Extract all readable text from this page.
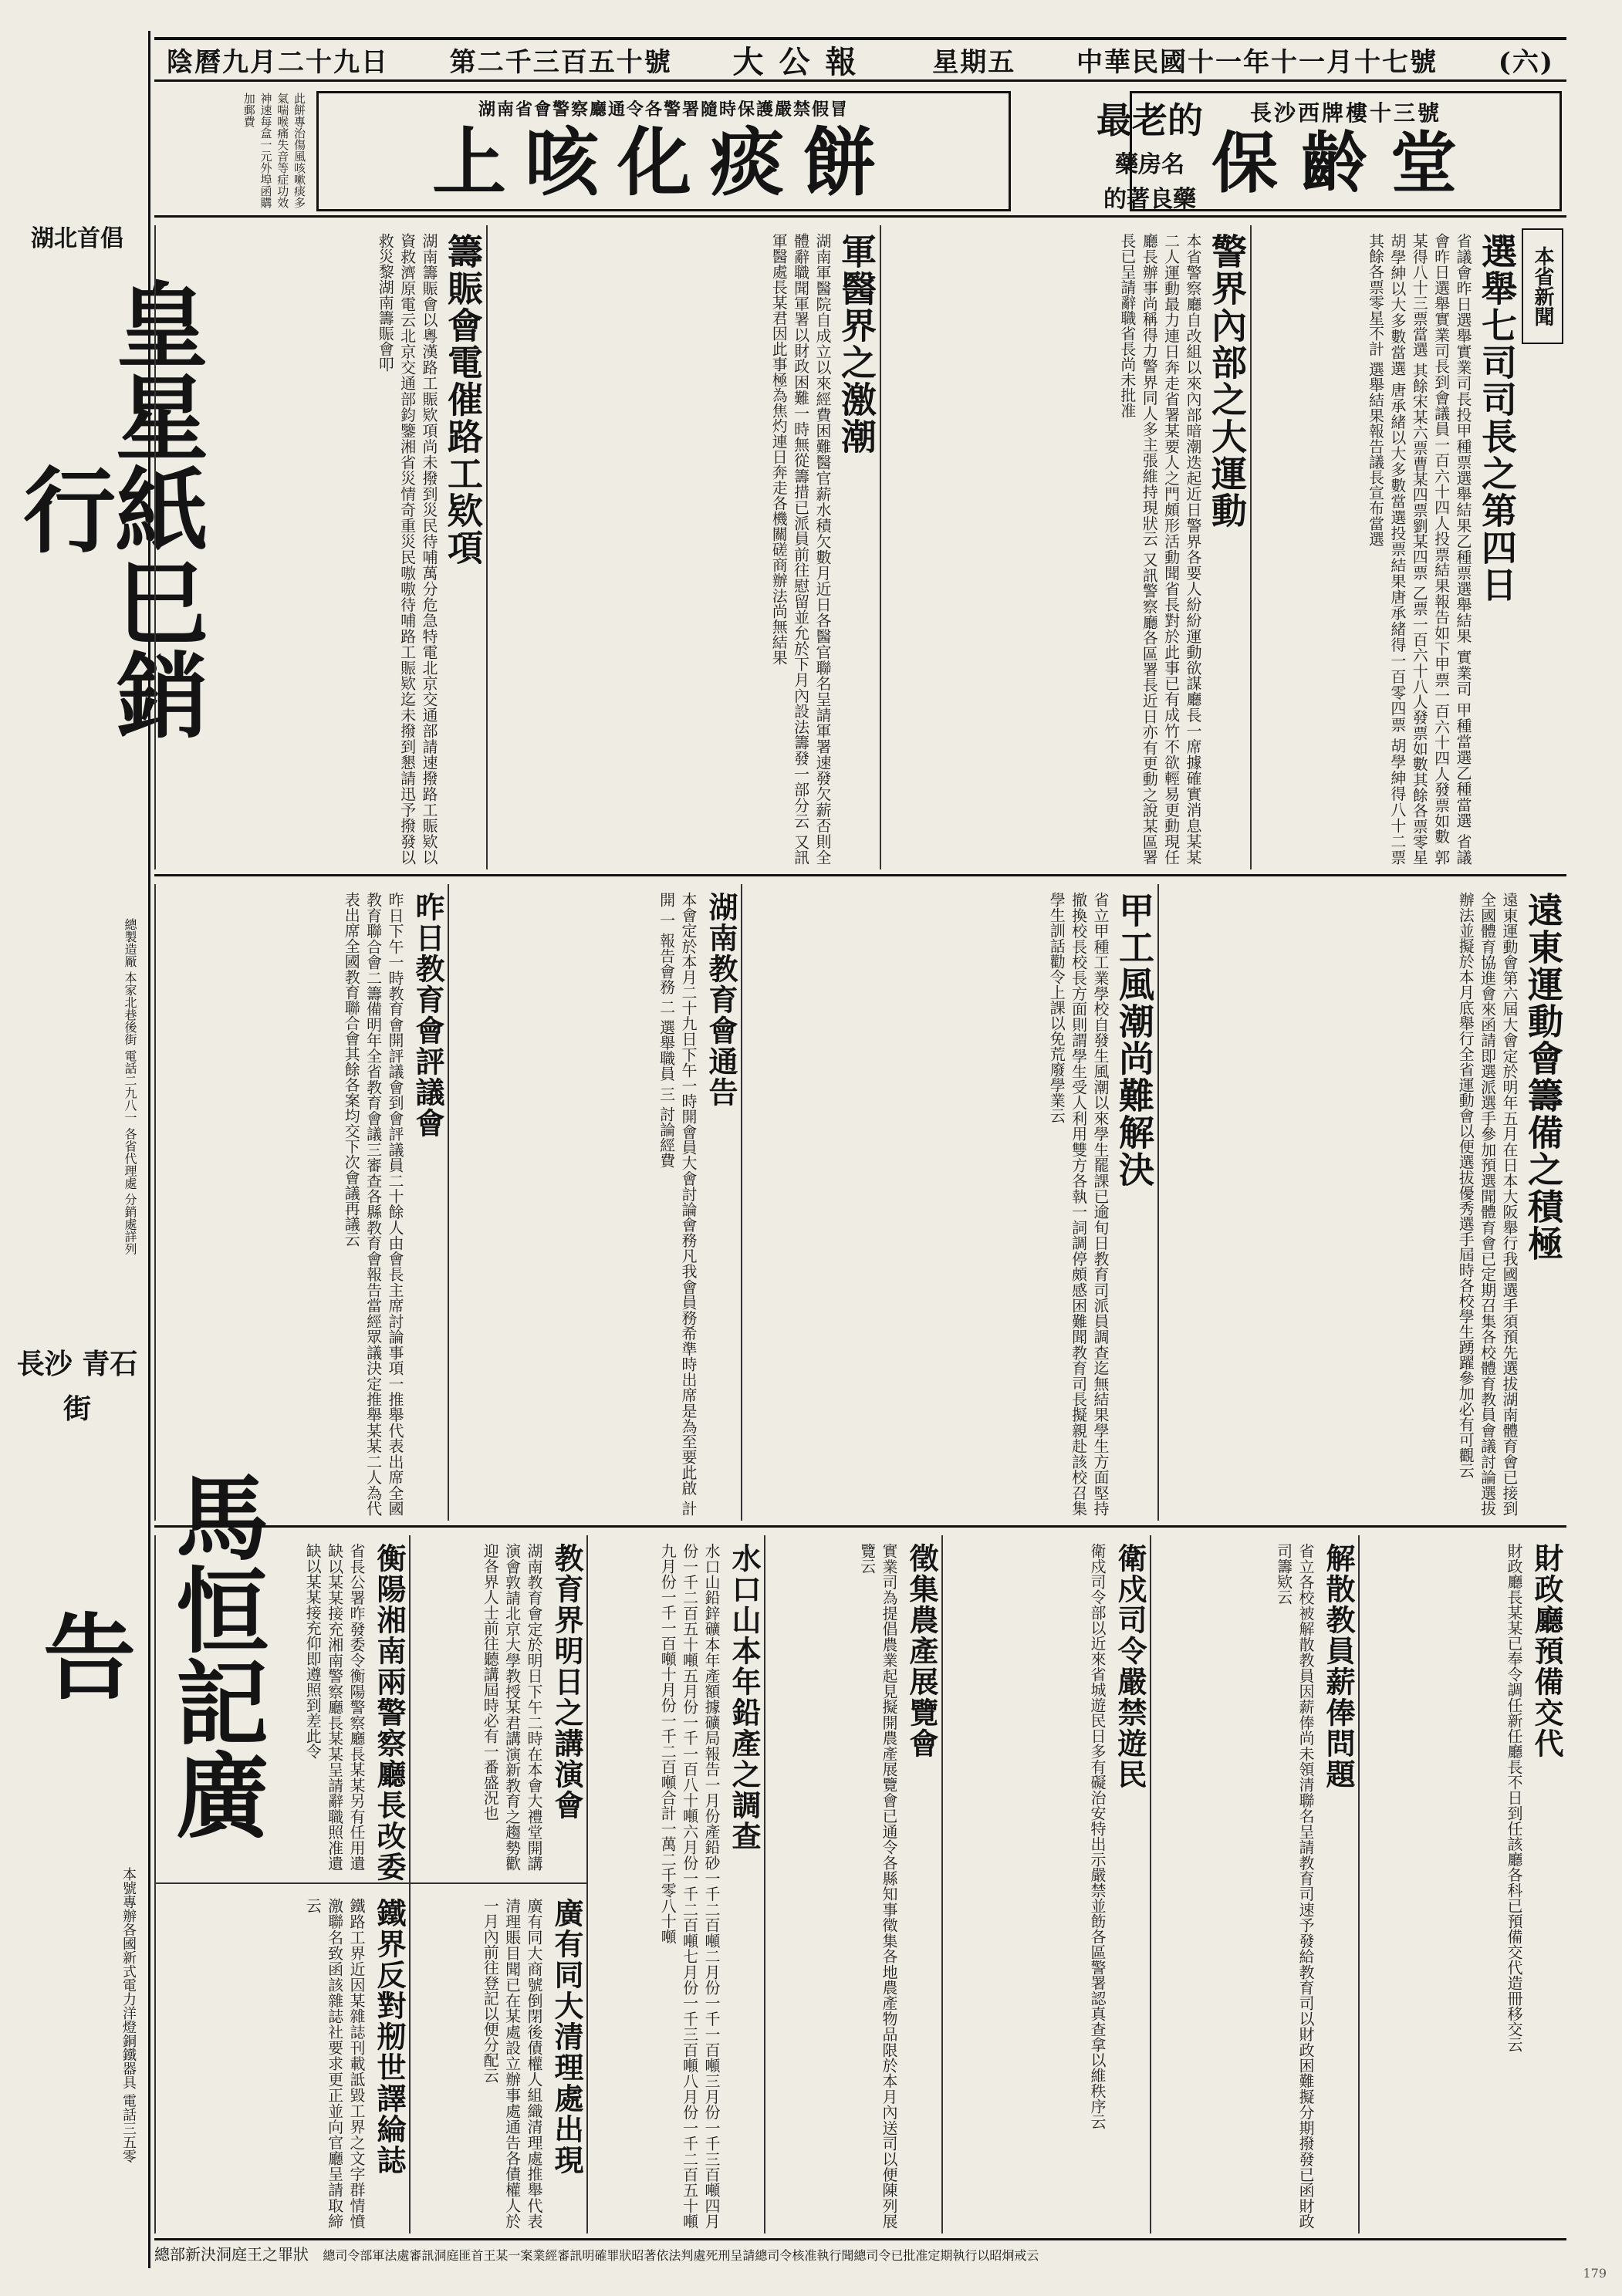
陰曆九月二十九日 第二千三百五十號 大公報 星期五 中華民國十一年十一月十七號 (六)
此餅專治傷風咳嗽痰多氣喘喉痛失音等症功效神速每盒一元外埠函購加郵費	湖南省會警察廳通令各警署隨時保護嚴禁假冒
上咳化痰餅	最老的
藥房名
的著良藥
長沙西牌樓十三號
保齡堂
湖北首倡
皇星紙巳銷行
總製造厰 本家北巷後街 電話二九八一 各省代理處 分銷處詳列
長沙 青石街
馬恒記廣告
本號專辦各國新式電力洋燈銅鐵器具 電話三五零
本省新聞
選舉七司司長之第四日
省議會昨日選舉實業司長投甲種票選舉結果乙種票選舉結果 實業司 甲種當選乙種當選 省議會昨日選舉實業司長到會議員一百六十四人投票結果報告如下甲票一百六十四人發票如數 郭某得八十三票當選 其餘宋某六票曹某四票劉某四票 乙票一百六十八人發票如數其餘各票零星 胡學紳以大多數當選 唐承緒以大多數當選投票結果唐承緒得一百零四票 胡學紳得八十二票 其餘各票零星不計 選舉結果報告議長宣布當選
警界內部之大運動
本省警察廳自改組以來內部暗潮迭起近日警界各要人紛紛運動欲謀廳長一席據確實消息某某二人運動最力連日奔走省署某要人之門頗形活動聞省長對於此事已有成竹不欲輕易更動現任廳長辦事尚稱得力警界同人多主張維持現狀云 又訊警察廳各區署長近日亦有更動之說某區署長已呈請辭職省長尚未批准
軍醫界之激潮
湖南軍醫院自成立以來經費困難醫官薪水積欠數月近日各醫官聯名呈請軍署速發欠薪否則全體辭職聞軍署以財政困難一時無從籌措已派員前往慰留並允於下月內設法籌發一部分云 又訊軍醫處長某君因此事極為焦灼連日奔走各機關磋商辦法尚無結果
籌賑會電催路工欵項
湖南籌賑會以粵漢路工賑欵項尚未撥到災民待哺萬分危急特電北京交通部請速撥路工賑欵以資救濟原電云北京交通部鈞鑒湘省災情奇重災民嗷嗷待哺路工賑欵迄未撥到懇請迅予撥發以救災黎湖南籌賑會叩
遠東運動會籌備之積極
遠東運動會第六屆大會定於明年五月在日本大阪舉行我國選手須預先選拔湖南體育會已接到全國體育協進會來函請即選派選手參加預選聞體育會已定期召集各校體育教員會議討論選拔辦法並擬於本月底舉行全省運動會以便選拔優秀選手屆時各校學生踴躍參加必有可觀云
甲工風潮尚難解決
省立甲種工業學校自發生風潮以來學生罷課已逾旬日教育司派員調查迄無結果學生方面堅持撤換校長校長方面則謂學生受人利用雙方各執一詞調停頗感困難聞教育司長擬親赴該校召集學生訓話勸令上課以免荒廢學業云
湖南教育會通告
本會定於本月二十九日下午一時開會員大會討論會務凡我會員務希準時出席是為至要此啟 計開 一 報告會務 二 選舉職員 三 討論經費
昨日教育會評議會
昨日下午一時教育會開評議會到會評議員二十餘人由會長主席討論事項一推舉代表出席全國教育聯合會二籌備明年全省教育會議三審查各縣教育會報告當經眾議決定推舉某某二人為代表出席全國教育聯合會其餘各案均交下次會議再議云
財政廳預備交代
財政廳長某某已奉令調任新任廳長不日到任該廳各科已預備交代造冊移交云
解散教員薪俸問題
省立各校被解散教員因薪俸尚未領清聯名呈請教育司速予發給教育司以財政困難擬分期撥發已函財政司籌欵云
衛戍司令嚴禁遊民
衛戍司令部以近來省城遊民日多有礙治安特出示嚴禁並飭各區警署認真查拿以維秩序云
徵集農產展覽會
實業司為提倡農業起見擬開農產展覽會已通令各縣知事徵集各地農產物品限於本月內送司以便陳列展覽云
水口山本年鉛產之調查
水口山鉛鋅礦本年產額據礦局報告一月份產鉛砂一千二百噸二月份一千一百噸三月份一千三百噸四月份一千二百五十噸五月份一千一百八十噸六月份一千二百噸七月份一千三百噸八月份一千二百五十噸九月份一千一百噸十月份一千二百噸合計一萬二千零八十噸
教育界明日之講演會
湖南教育會定於明日下午二時在本會大禮堂開講演會敦請北京大學教授某君講演新教育之趨勢歡迎各界人士前往聽講屆時必有一番盛況也
廣有同大清理處出現
廣有同大商號倒閉後債權人組織清理處推舉代表清理賬目聞已在某處設立辦事處通告各債權人於一月內前往登記以便分配云
衡陽湘南兩警察廳長改委
省長公署昨發委令衡陽警察廳長某某另有任用遺缺以某某接充湘南警察廳長某某呈請辭職照准遺缺以某某接充仰即遵照到差此令
鐵界反對剏世譯綸誌
鐵路工界近因某雜誌刊載詆毀工界之文字群情憤激聯名致函該雜誌社要求更正並向官廳呈請取締云
總部新決洞庭王之罪狀 總司令部軍法處審訊洞庭匪首王某一案業經審訊明確罪狀昭著依法判處死刑呈請總司令核准執行聞總司令已批准定期執行以昭炯戒云
179
